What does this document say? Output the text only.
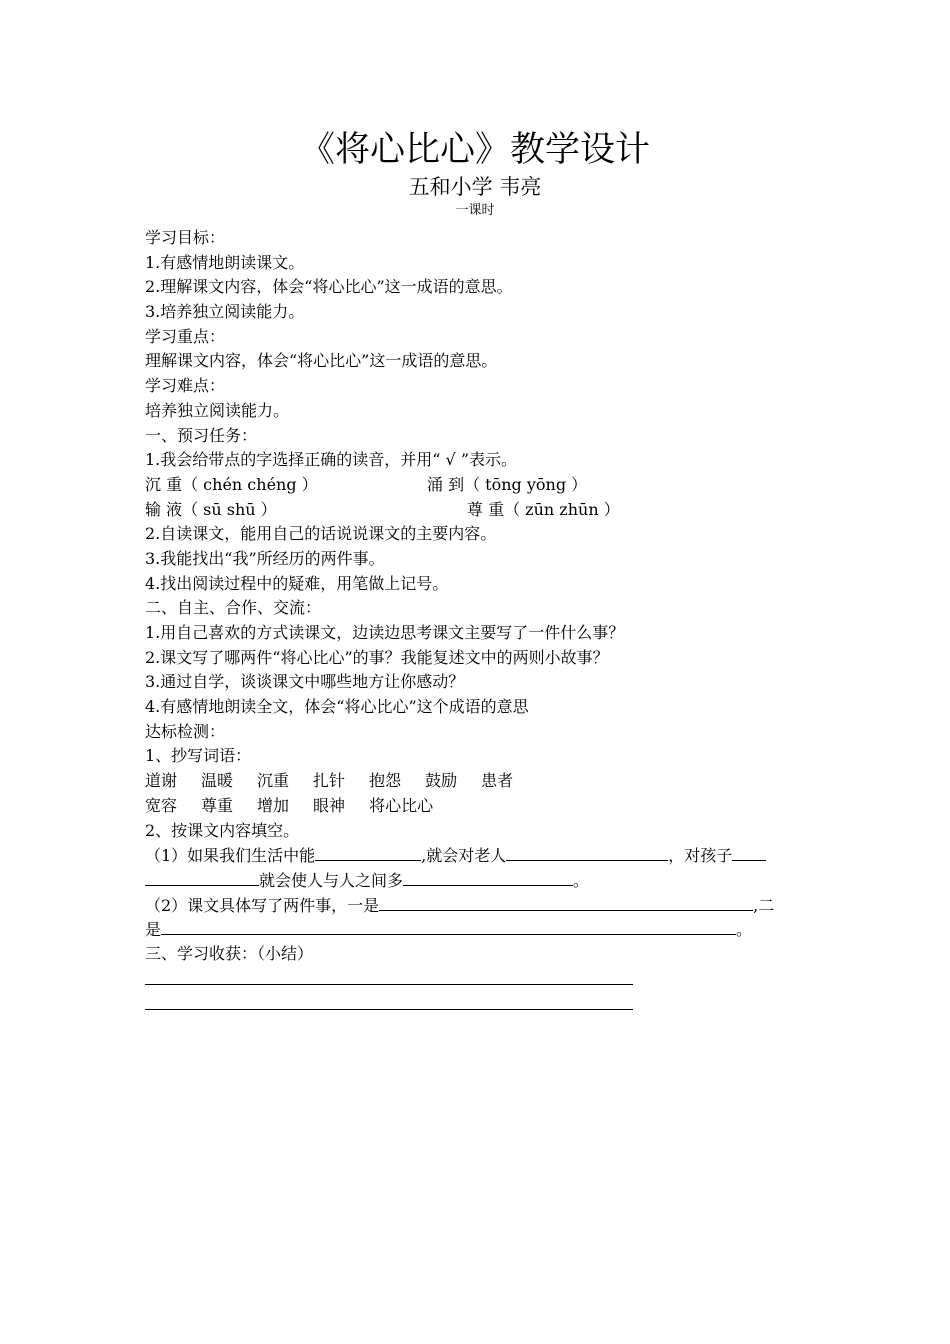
《将心比心》教学设计
五和小学 韦亮
一课时
学习目标：
1.有感情地朗读课文。
2.理解课文内容，体会“将心比心”这一成语的意思。
3.培养独立阅读能力。
学习重点：
理解课文内容，体会“将心比心”这一成语的意思。
学习难点：
培养独立阅读能力。
一、预习任务：
1.我会给带点的字选择正确的读音，并用“ √ ”表示。
沉 重（ chén chéng ）	涌 到（ tōng yōng ）
输 液（ sū shū ）	尊 重（ zūn zhūn ）
2.自读课文，能用自己的话说说课文的主要内容。
3.我能找出“我”所经历的两件事。
4.找出阅读过程中的疑难，用笔做上记号。
二、自主、合作、交流：
1.用自己喜欢的方式读课文，边读边思考课文主要写了一件什么事？
2.课文写了哪两件“将心比心”的事？我能复述文中的两则小故事？
3.通过自学，谈谈课文中哪些地方让你感动？
4.有感情地朗读全文，体会“将心比心”这个成语的意思
达标检测：
1、抄写词语：
道谢 温暖 沉重 扎针 抱怨 鼓励 患者
宽容 尊重 增加 眼神 将心比心
2、按课文内容填空。
（1）如果我们生活中能	,就会对老人	，对孩子
就会使人与人之间多	。
（2）课文具体写了两件事，一是	,二
是	。
三、学习收获：（小结）
